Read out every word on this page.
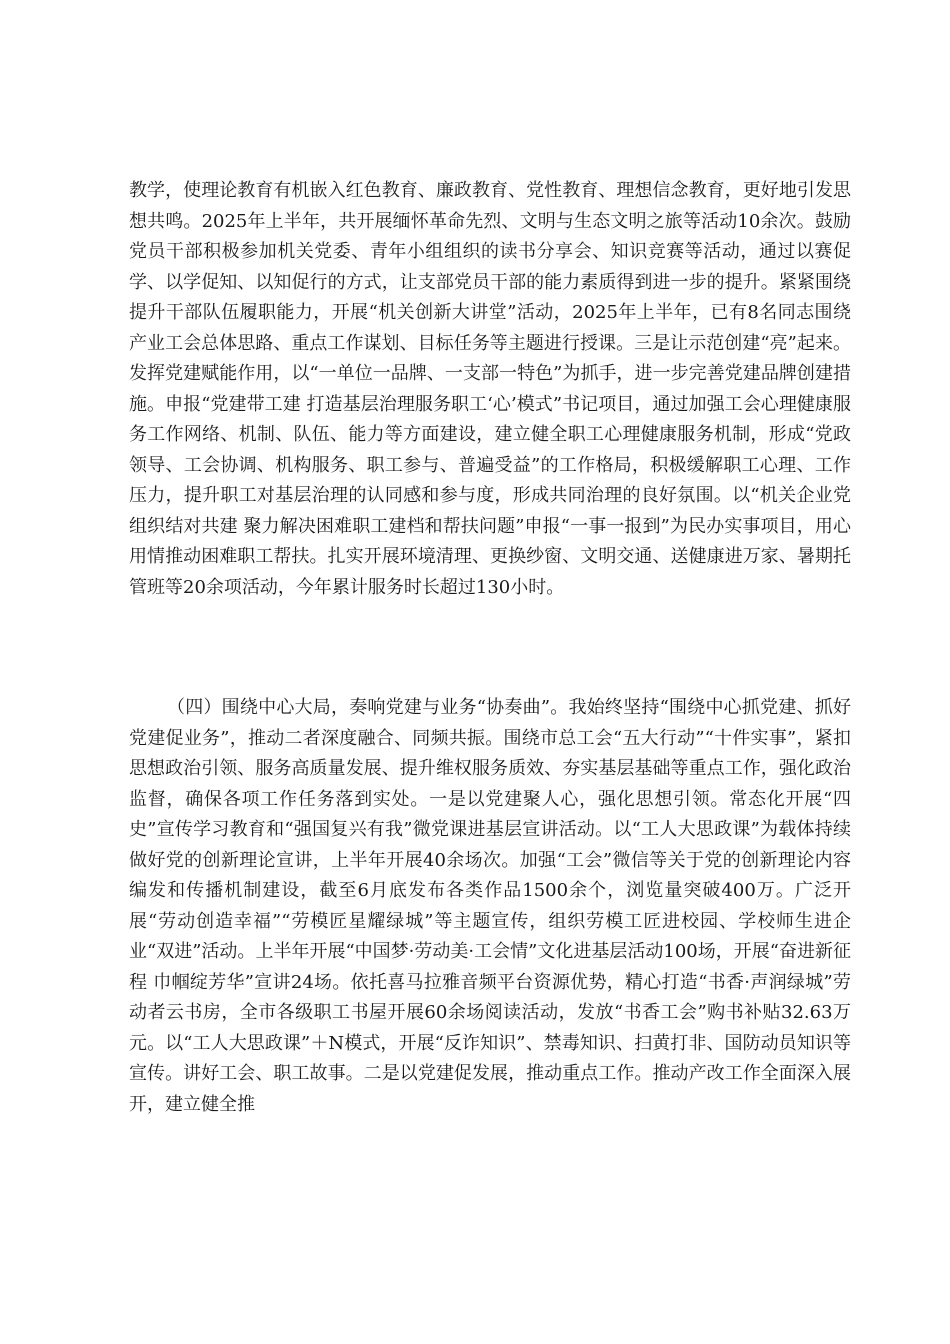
教学，使理论教育有机嵌入红色教育、廉政教育、党性教育、理想信念教育，更好地引发思想共鸣。2025年上半年，共开展缅怀革命先烈、文明与生态文明之旅等活动10余次。鼓励党员干部积极参加机关党委、青年小组组织的读书分享会、知识竞赛等活动，通过以赛促学、以学促知、以知促行的方式，让支部党员干部的能力素质得到进一步的提升。紧紧围绕提升干部队伍履职能力，开展“机关创新大讲堂”活动，2025年上半年，已有8名同志围绕产业工会总体思路、重点工作谋划、目标任务等主题进行授课。三是让示范创建“亮”起来。发挥党建赋能作用，以“一单位一品牌、一支部一特色”为抓手，进一步完善党建品牌创建措施。申报“党建带工建 打造基层治理服务职工‘心’模式”书记项目，通过加强工会心理健康服务工作网络、机制、队伍、能力等方面建设，建立健全职工心理健康服务机制，形成“党政领导、工会协调、机构服务、职工参与、普遍受益”的工作格局，积极缓解职工心理、工作压力，提升职工对基层治理的认同感和参与度，形成共同治理的良好氛围。以“机关企业党组织结对共建 聚力解决困难职工建档和帮扶问题”申报“一事一报到”为民办实事项目，用心用情推动困难职工帮扶。扎实开展环境清理、更换纱窗、文明交通、送健康进万家、暑期托管班等20余项活动，今年累计服务时长超过130小时。

（四）围绕中心大局，奏响党建与业务“协奏曲”。我始终坚持“围绕中心抓党建、抓好党建促业务”，推动二者深度融合、同频共振。围绕市总工会“五大行动”“十件实事”，紧扣思想政治引领、服务高质量发展、提升维权服务质效、夯实基层基础等重点工作，强化政治监督，确保各项工作任务落到实处。一是以党建聚人心，强化思想引领。常态化开展“四史”宣传学习教育和“强国复兴有我”微党课进基层宣讲活动。以“工人大思政课”为载体持续做好党的创新理论宣讲，上半年开展40余场次。加强“工会”微信等关于党的创新理论内容编发和传播机制建设，截至6月底发布各类作品1500余个，浏览量突破400万。广泛开展“劳动创造幸福”“劳模匠星耀绿城”等主题宣传，组织劳模工匠进校园、学校师生进企业“双进”活动。上半年开展“中国梦·劳动美·工会情”文化进基层活动100场，开展“奋进新征程 巾帼绽芳华”宣讲24场。依托喜马拉雅音频平台资源优势，精心打造“书香·声润绿城”劳动者云书房，全市各级职工书屋开展60余场阅读活动，发放“书香工会”购书补贴32.63万元。以“工人大思政课”＋N模式，开展“反诈知识”、禁毒知识、扫黄打非、国防动员知识等宣传。讲好工会、职工故事。二是以党建促发展，推动重点工作。推动产改工作全面深入展开，建立健全推
